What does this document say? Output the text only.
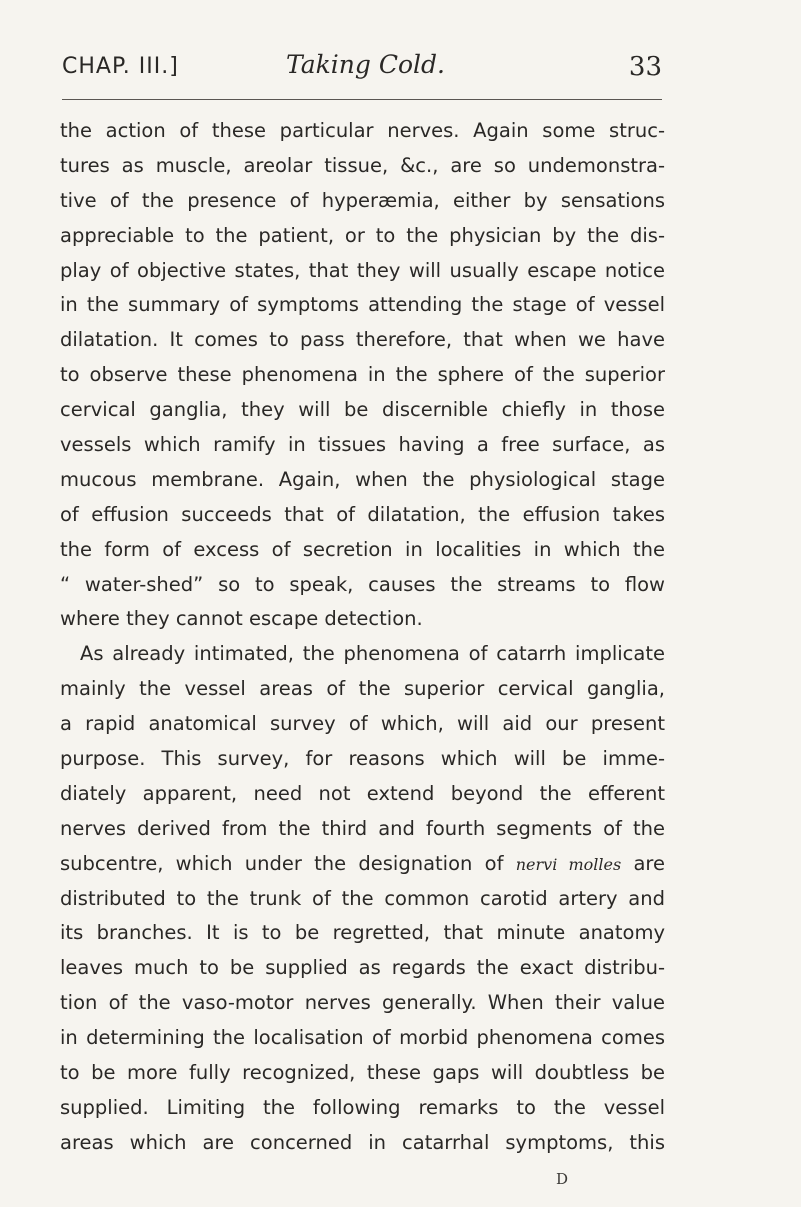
CHAP. III.]	Taking Cold.	33
the action of these particular nerves. Again some struc-
tures as muscle, areolar tissue, &c., are so undemonstra-
tive of the presence of hyperæmia, either by sensations
appreciable to the patient, or to the physician by the dis-
play of objective states, that they will usually escape notice
in the summary of symptoms attending the stage of vessel
dilatation. It comes to pass therefore, that when we have
to observe these phenomena in the sphere of the superior
cervical ganglia, they will be discernible chiefly in those
vessels which ramify in tissues having a free surface, as
mucous membrane. Again, when the physiological stage
of effusion succeeds that of dilatation, the effusion takes
the form of excess of secretion in localities in which the
“ water-shed” so to speak, causes the streams to flow
where they cannot escape detection.
As already intimated, the phenomena of catarrh implicate
mainly the vessel areas of the superior cervical ganglia,
a rapid anatomical survey of which, will aid our present
purpose. This survey, for reasons which will be imme-
diately apparent, need not extend beyond the efferent
nerves derived from the third and fourth segments of the
subcentre, which under the designation of nervi molles are
distributed to the trunk of the common carotid artery and
its branches. It is to be regretted, that minute anatomy
leaves much to be supplied as regards the exact distribu-
tion of the vaso-motor nerves generally. When their value
in determining the localisation of morbid phenomena comes
to be more fully recognized, these gaps will doubtless be
supplied. Limiting the following remarks to the vessel
areas which are concerned in catarrhal symptoms, this
D
